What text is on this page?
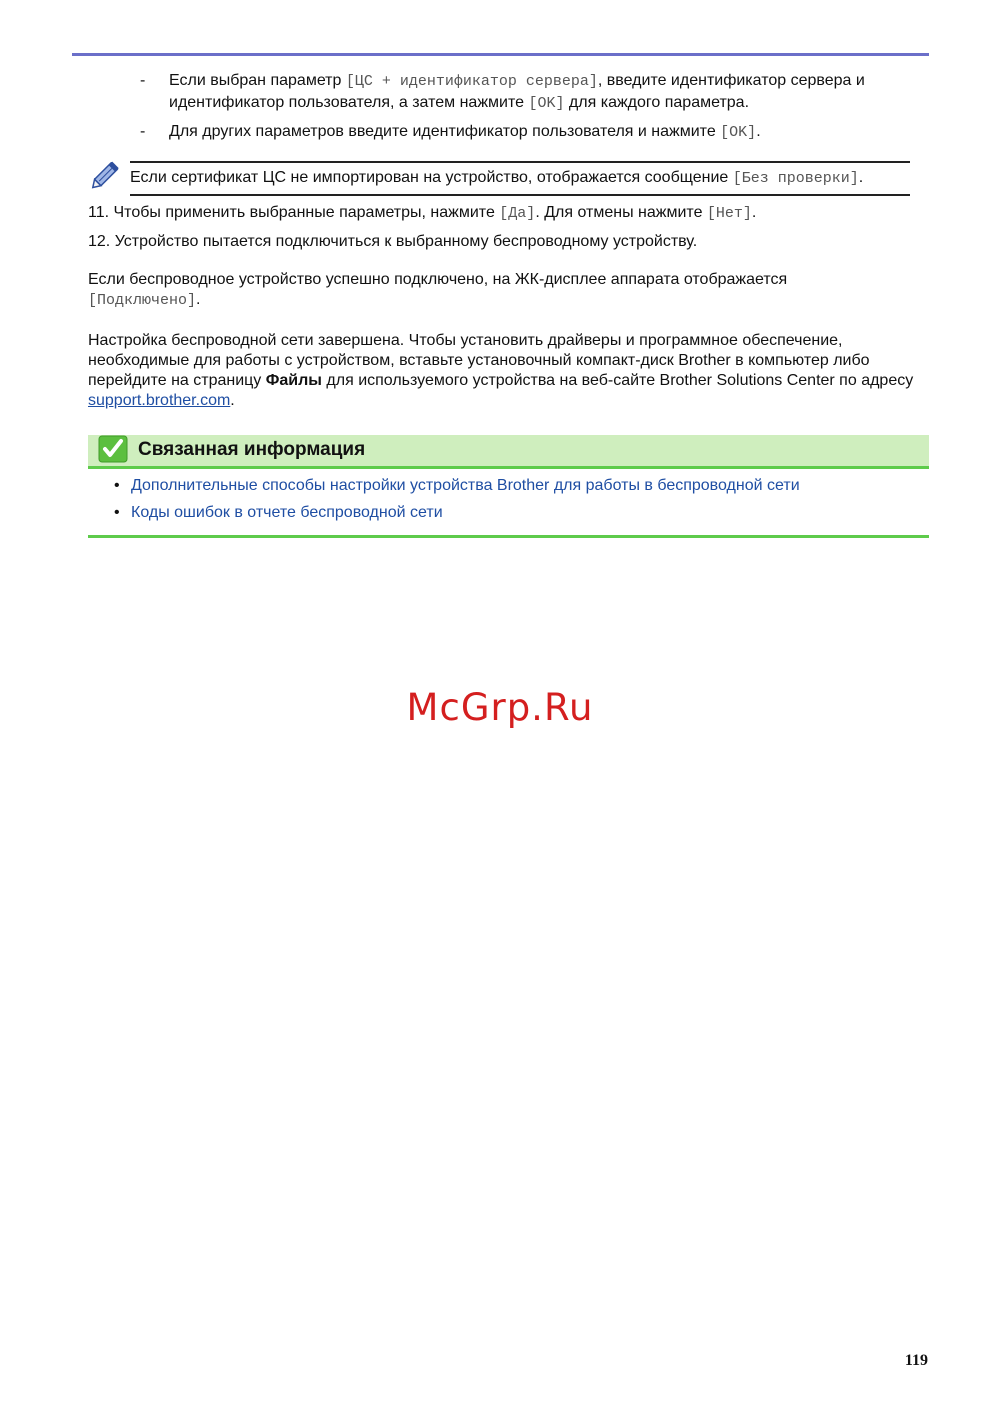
-	Если выбран параметр [ЦС + идентификатор сервера], введите идентификатор сервера и идентификатор пользователя, а затем нажмите [OK] для каждого параметра.
-	Для других параметров введите идентификатор пользователя и нажмите [OK].
Если сертификат ЦС не импортирован на устройство, отображается сообщение [Без проверки].
11. Чтобы применить выбранные параметры, нажмите [Да]. Для отмены нажмите [Нет].
12. Устройство пытается подключиться к выбранному беспроводному устройству.
Если беспроводное устройство успешно подключено, на ЖК-дисплее аппарата отображается
[Подключено].
Настройка беспроводной сети завершена. Чтобы установить драйверы и программное обеспечение, необходимые для работы с устройством, вставьте установочный компакт-диск Brother в компьютер либо перейдите на страницу Файлы для используемого устройства на веб-сайте Brother Solutions Center по адресу support.brother.com.
Связанная информация
• Дополнительные способы настройки устройства Brother для работы в беспроводной сети
• Коды ошибок в отчете беспроводной сети
McGrp.Ru
119
